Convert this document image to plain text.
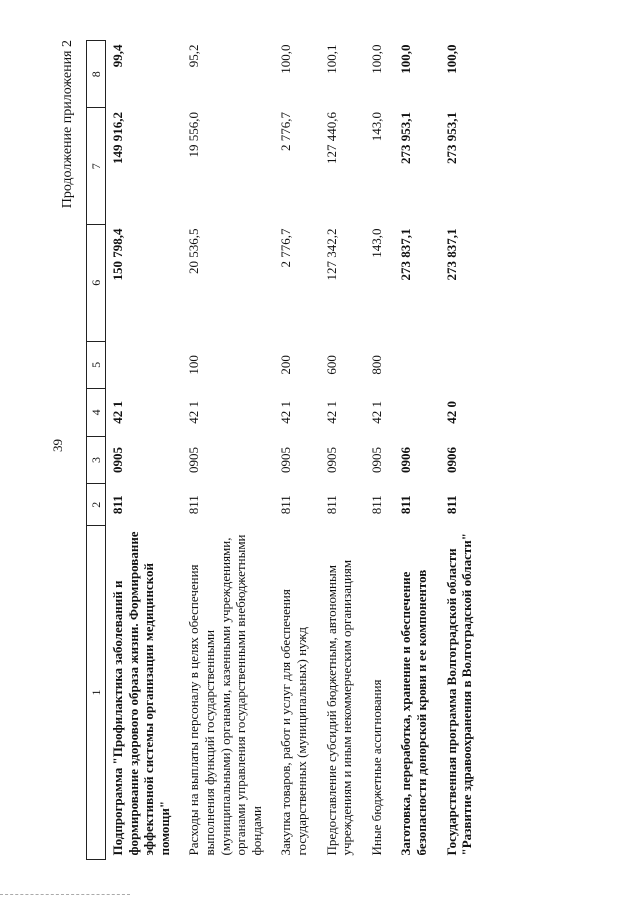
39
Продолжение приложения 2
1	2	3	4	5	6	7	8
Подпрограмма "Профилактика заболеваний и формирование здорового образа жизни. Формирование эффективной системы организации медицинской помощи"	811	0905	42 1		150 798,4	149 916,2	99,4
Расходы на выплаты персоналу в целях обеспечения выполнения функций государственными (муниципальными) органами, казенными учреждениями, органами управления государственными внебюджетными фондами	811	0905	42 1	100	20 536,5	19 556,0	95,2
Закупка товаров, работ и услуг для обеспечения государственных (муниципальных) нужд	811	0905	42 1	200	2 776,7	2 776,7	100,0
Предоставление субсидий бюджетным, автономным учреждениям и иным некоммерческим организациям	811	0905	42 1	600	127 342,2	127 440,6	100,1
Иные бюджетные ассигнования	811	0905	42 1	800	143,0	143,0	100,0
Заготовка, переработка, хранение и обеспечение безопасности донорской крови и ее компонентов	811	0906			273 837,1	273 953,1	100,0
Государственная программа Волгоградской области "Развитие здравоохранения в Волгоградской области"	811	0906	42 0		273 837,1	273 953,1	100,0
